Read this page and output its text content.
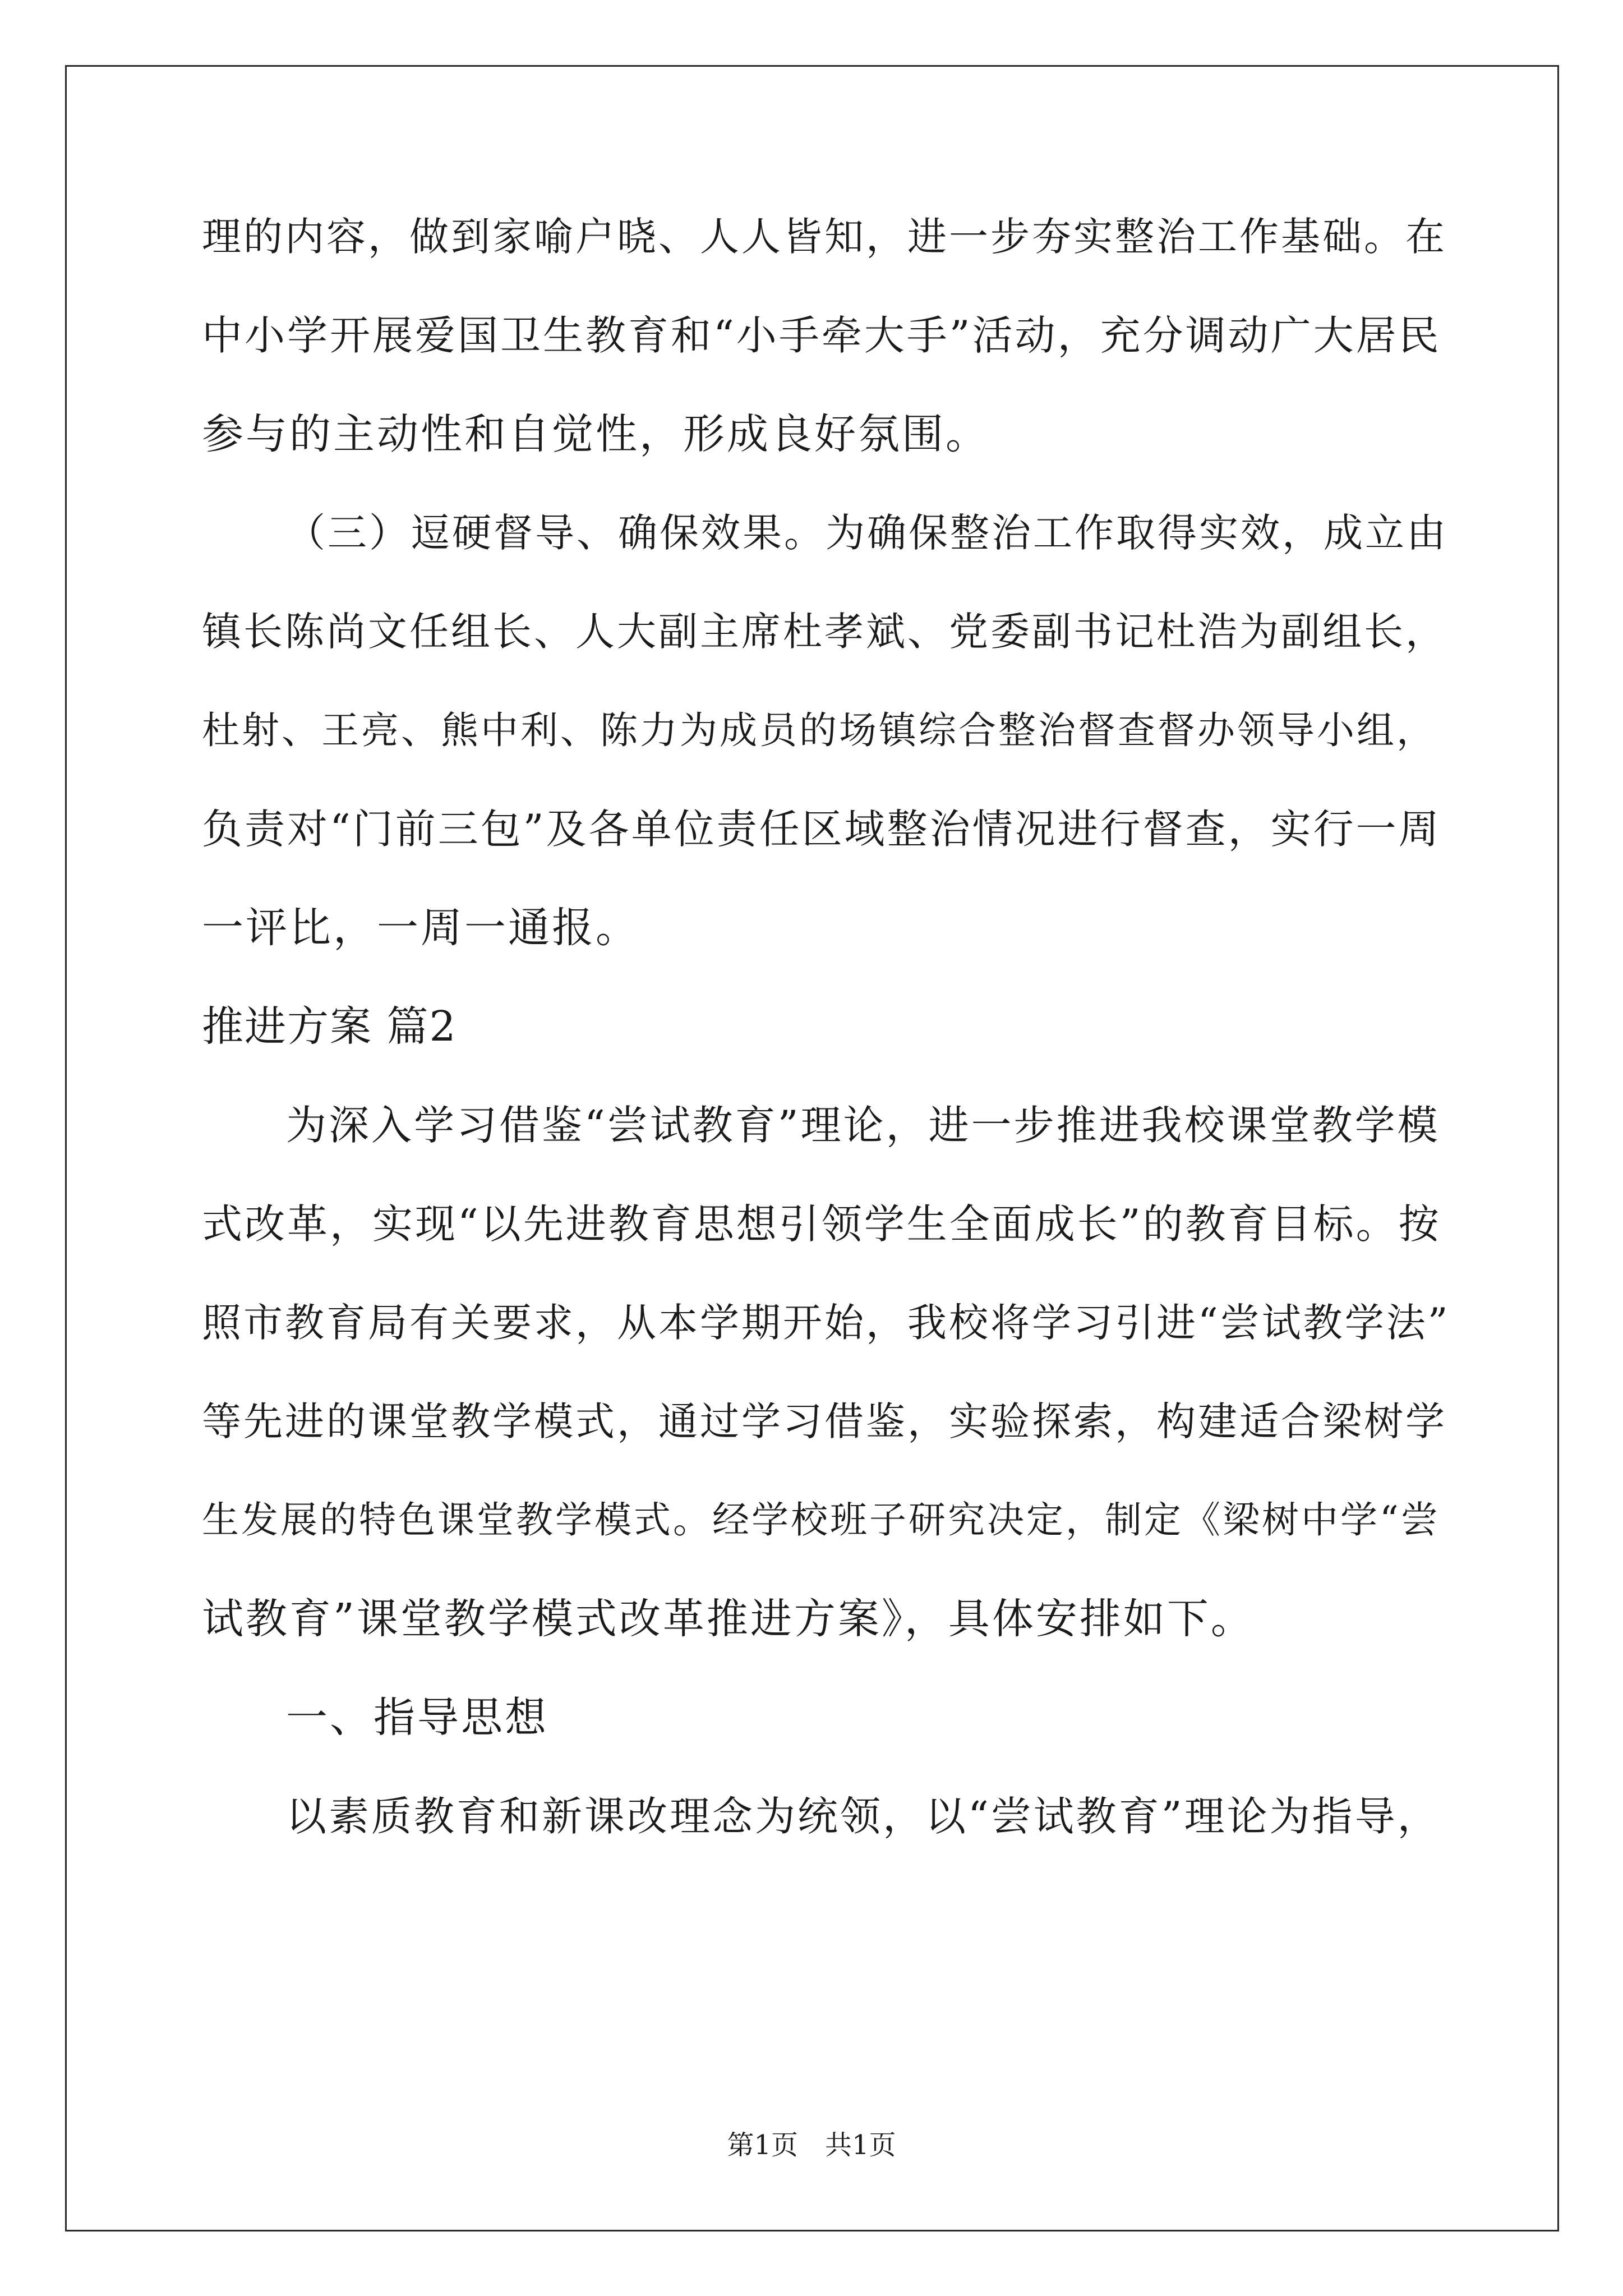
理的内容，做到家喻户晓、人人皆知，进一步夯实整治工作基础。在
中小学开展爱国卫生教育和“小手牵大手”活动，充分调动广大居民
参与的主动性和自觉性，形成良好氛围。
（三）逗硬督导、确保效果。为确保整治工作取得实效，成立由
镇长陈尚文任组长、人大副主席杜孝斌、党委副书记杜浩为副组长，
杜射、王亮、熊中利、陈力为成员的场镇综合整治督查督办领导小组，
负责对“门前三包”及各单位责任区域整治情况进行督查，实行一周
一评比，一周一通报。
推进方案 篇2
为深入学习借鉴“尝试教育”理论，进一步推进我校课堂教学模
式改革，实现“以先进教育思想引领学生全面成长”的教育目标。按
照市教育局有关要求，从本学期开始，我校将学习引进“尝试教学法”
等先进的课堂教学模式，通过学习借鉴，实验探索，构建适合梁树学
生发展的特色课堂教学模式。经学校班子研究决定，制定《梁树中学“尝
试教育”课堂教学模式改革推进方案》，具体安排如下。
一、指导思想
以素质教育和新课改理念为统领，以“尝试教育”理论为指导，
第1页　共1页
